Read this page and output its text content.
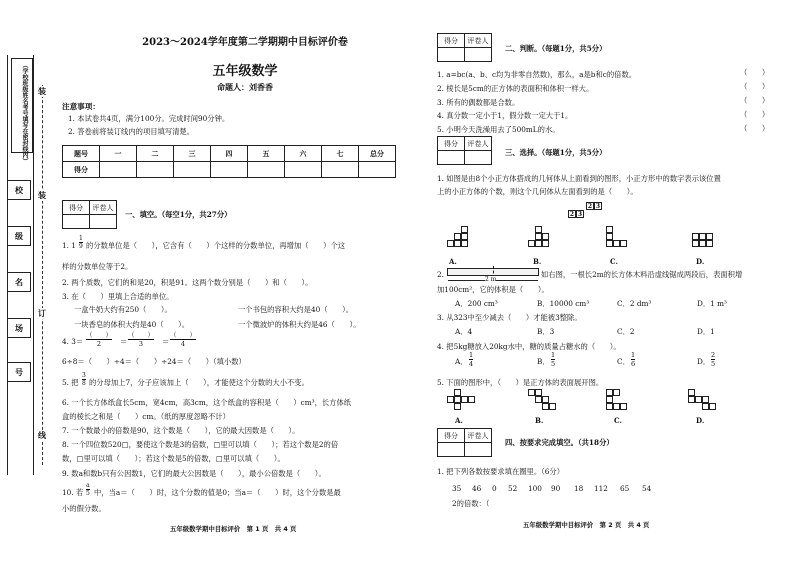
（学校班级姓名考号填写在密封线内）
校
级
名
场
号
装
装
订
线
2023～2024学年度第二学期期中目标评价卷
五年级数学
命题人：刘香香
注意事项：
1. 本试卷共4页，满分100分。完成时间90分钟。
2. 答卷前将装订线内的项目填写清楚。
题号	一	二	三	四	五	六	七	总分
得分								
得分	评卷人

一、填空。（每空1分，共27分）
1. 1
1
9 的分数单位是（　　），它含有（　　）个这样的分数单位，再增加（　　）个这
样的分数单位等于2。
2. 两个质数，它们的和是20，积是91。这两个数分别是（　　）和（　　）。
3. 在（　　）里填上合适的单位。
一盒牛奶大约有250（　　）。	一个书包的容积大约是40（　　）。
一块香皂的体积大约是40（　　）。	一个微波炉的体积大约是46（　　）。
4. 3＝
（　　）
2	＝
（　　）
3	＝
（　　）
4
6÷8＝（　　）÷4＝（　　）÷24＝（　　）（填小数）
5. 把
3
8 的分母加上7，分子应该加上（　　），才能使这个分数的大小不变。
6. 一个长方体纸盒长5cm，宽4cm，高3cm，这个纸盒的容积是（　　）cm³，长方体纸
盒的棱长之和是（　　）cm。（纸的厚度忽略不计）
7. 一个数最小的倍数是90，这个数是（　　），它的最大因数是（　　）。
8. 一个四位数520□，要使这个数是3的倍数，□里可以填（　　）；若这个数是2的倍
数，□里可以填（　　）；若这个数是5的倍数，□里可以填（　　）。
9. 数a和数b只有公因数1，它们的最大公因数是（　　），最小公倍数是（　　）。
10. 若
a
5 中，当a＝（　　）时，这个分数的值是0；当a＝（　　）时，这个分数是最
小的假分数。
五年级数学期中目标评价　第 1 页　共 4 页
得分	评卷人

二、判断。（每题1分，共5分）
1. a=bc(a、b、c均为非零自然数)，那么，a是b和c的倍数。
2. 棱长是5cm的正方体的表面积和体积一样大。
3. 所有的偶数都是合数。
4. 真分数一定小于1，假分数一定大于1。
5. 小明今天洗澡用去了500mL的水。
（　　）
（　　）
（　　）
（　　）
（　　）
得分	评卷人

三、选择。（每题1分，共5分）
1. 如图是由8个小正方体搭成的几何体从上面看到的图形，小正方形中的数字表示该位置
上的小正方体的个数，则这个几何体从左面看到的是（　　）。
2 3
2 3
A.	B.	C.	D.
2.
2 m
如右图，一根长2m的长方体木料沿虚线锯成两段后，表面积增
加100cm²，它的体积是（　　）。
A．200 cm³	B．10000 cm³	C．2 dm³	D．1 m³
3. 从323中至少减去（　　）才能被3整除。
A．4	B．3	C．2	D．1
4. 把5kg糖放入20kg水中，糖的质量占糖水的（　　）。
A．
1
4	B．
1
5	C．
1
6	D．
2
5
5. 下面的图形中，（　　）是正方体的表面展开图。
A.	B.	C.	D.
得分	评卷人

四、按要求完成填空。（共18分）
1. 把下列各数按要求填在圈里。（6分）
35 46 0 52 100 90 18 112 65 54
2的倍数：（
五年级数学期中目标评价　第 2 页　共 4 页
